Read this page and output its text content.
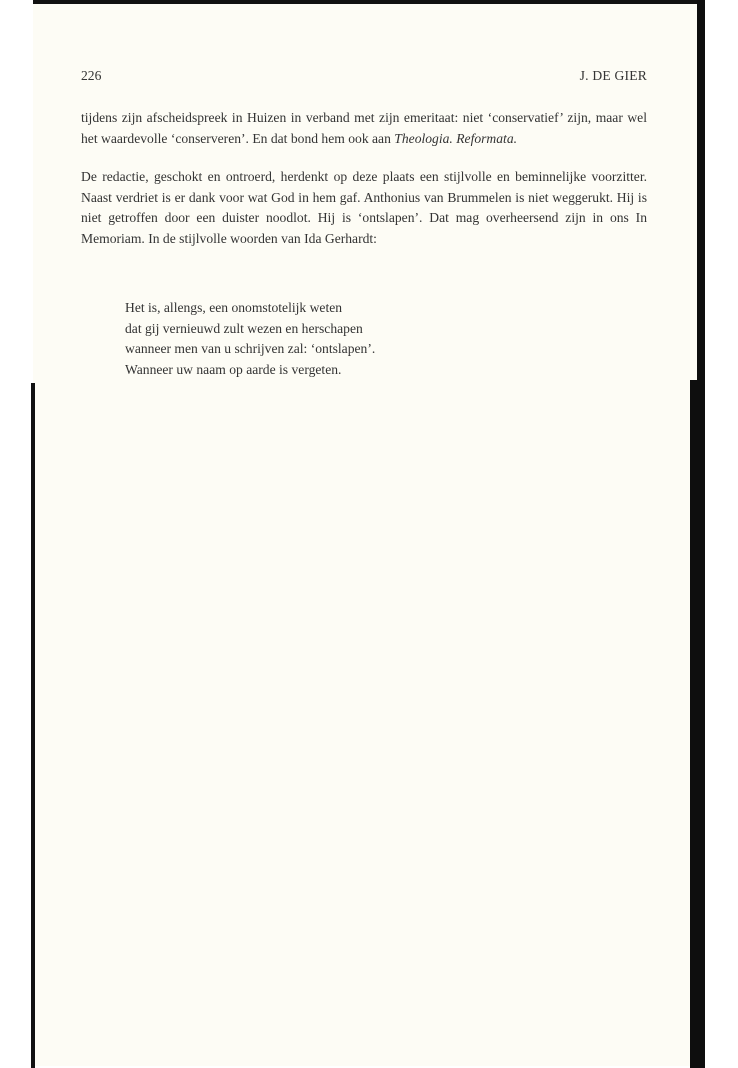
226	J. DE GIER

tijdens zijn afscheidspreek in Huizen in verband met zijn emeritaat: niet ‘conservatief’ zijn, maar wel het waardevolle ‘conserveren’. En dat bond hem ook aan Theologia. Reformata.

De redactie, geschokt en ontroerd, herdenkt op deze plaats een stijlvolle en beminnelijke voorzitter. Naast verdriet is er dank voor wat God in hem gaf. Anthonius van Brummelen is niet weggerukt. Hij is niet getroffen door een duister noodlot. Hij is ‘ontslapen’. Dat mag overheersend zijn in ons In Memoriam. In de stijlvolle woorden van Ida Gerhardt:

Het is, allengs, een onomstotelijk weten
dat gij vernieuwd zult wezen en herschapen
wanneer men van u schrijven zal: ‘ontslapen’.
Wanneer uw naam op aarde is vergeten.
